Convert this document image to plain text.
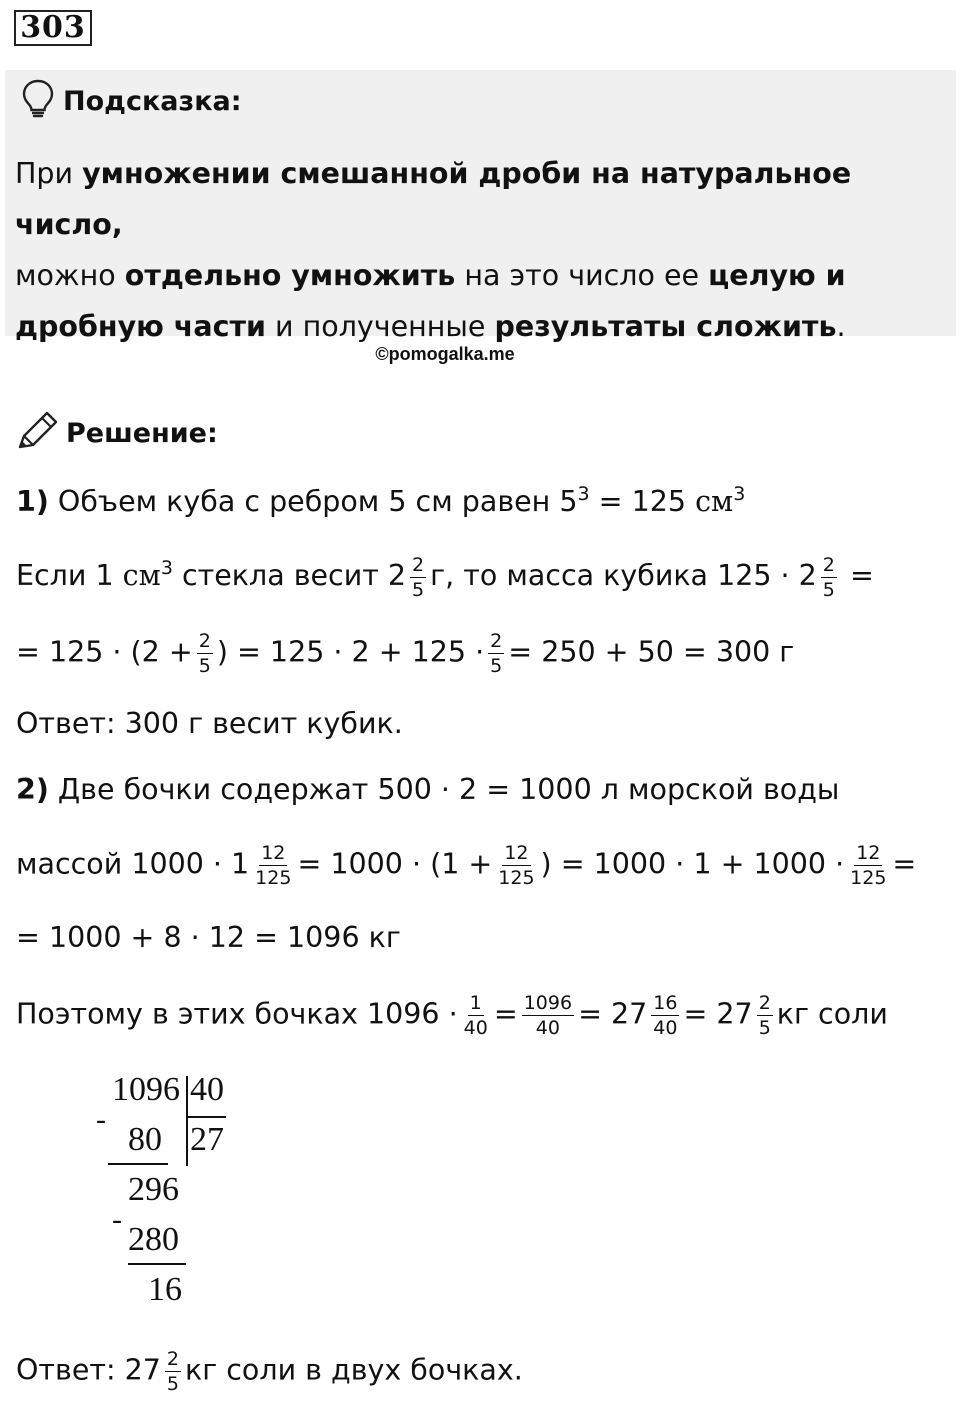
303
Подсказка:
При умножении смешанной дроби на натуральное число,
можно отдельно умножить на это число ее целую и
дробную части и полученные результаты сложить.
©pomogalka.me
Решение:
1) Объем куба с ребром 5 см равен $5^3 = 125$ $см^3$
Если 1 $см^3$ стекла весит $2 \frac{2}{5} г$, то масса кубика $125 \cdot 2 \frac{2}{5}$ =
= $125 \cdot (2 + \frac{2}{5}$ ) = $125 \cdot 2 + 125 \cdot \frac{2}{5} = 250 + 50 = 300$ г
Ответ: 300 г весит кубик.
2) Две бочки содержат 500 · 2 = 1000 л морской воды
массой $1000 \cdot 1 \frac{12}{125} = 1000 \cdot (1 + \frac{12}{125}$ ) = $1000 \cdot 1 + 1000 \cdot \frac{12}{125}$ =
= 1000 + 8 · 12 = 1096 кг
Поэтому в этих бочках $1096 \cdot \frac{1}{40} = \frac{1096}{40} = 27 \frac{16}{40} = 27 \frac{2}{5}$ кг соли
1096 40
-
80 27
296
-
280
16
Ответ: $27 \frac{2}{5}$ кг соли в двух бочках.
